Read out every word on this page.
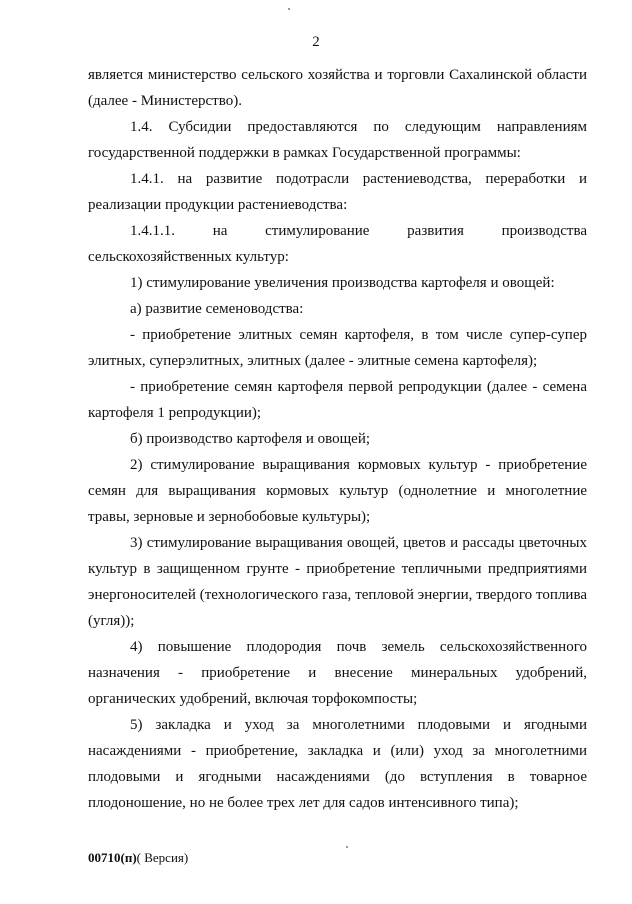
2

является министерство сельского хозяйства и торговли Сахалинской области (далее - Министерство).

1.4. Субсидии предоставляются по следующим направлениям государственной поддержки в рамках Государственной программы:

1.4.1. на развитие подотрасли растениеводства, переработки и реализации продукции растениеводства:

1.4.1.1. на стимулирование развития производства сельскохозяйственных культур:

1) стимулирование увеличения производства картофеля и овощей:

а) развитие семеноводства:

- приобретение элитных семян картофеля, в том числе супер-супер элитных, суперэлитных, элитных (далее - элитные семена картофеля);

- приобретение семян картофеля первой репродукции (далее - семена картофеля 1 репродукции);

б) производство картофеля и овощей;

2) стимулирование выращивания кормовых культур - приобретение семян для выращивания кормовых культур (однолетние и многолетние травы, зерновые и зернобобовые культуры);

3) стимулирование выращивания овощей, цветов и рассады цветочных культур в защищенном грунте - приобретение тепличными предприятиями энергоносителей (технологического газа, тепловой энергии, твердого топлива (угля));

4) повышение плодородия почв земель сельскохозяйственного назначения - приобретение и внесение минеральных удобрений, органических удобрений, включая торфокомпосты;

5) закладка и уход за многолетними плодовыми и ягодными насаждениями - приобретение, закладка и (или) уход за многолетними плодовыми и ягодными насаждениями (до вступления в товарное плодоношение, но не более трех лет для садов интенсивного типа);

00710(п)( Версия)
